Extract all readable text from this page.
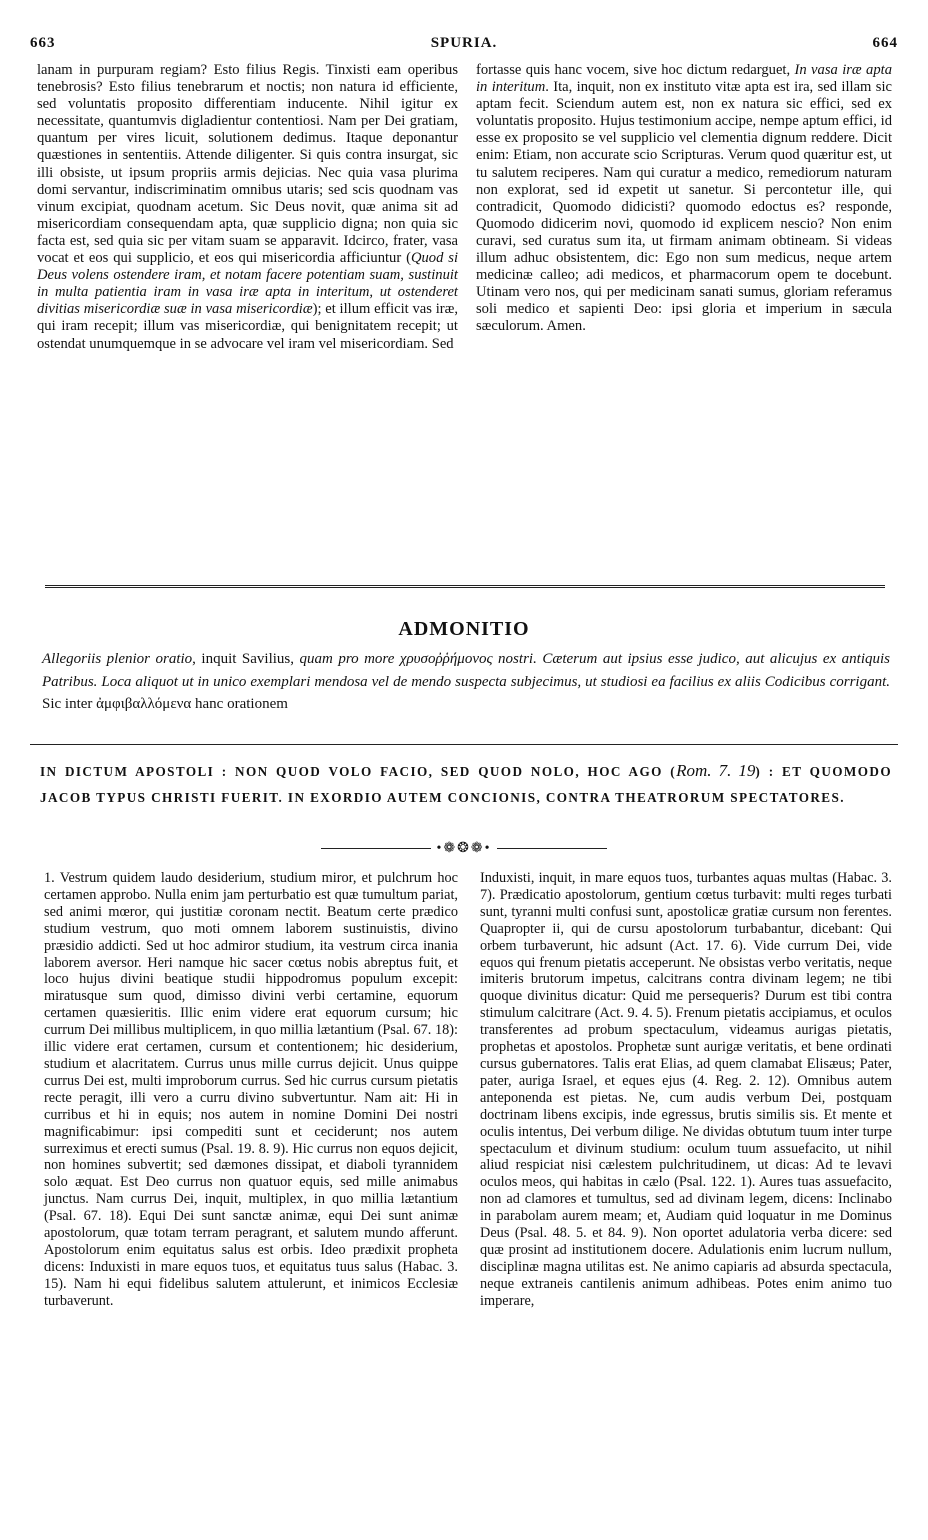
663	SPURIA.	664

lanam in purpuram regiam? Esto filius Regis. Tinxisti eam operibus tenebrosis? Esto filius tenebrarum et noctis; non natura id efficiente, sed voluntatis proposito differentiam inducente. Nihil igitur ex necessitate, quantumvis digladientur contentiosi. Nam per Dei gratiam, quantum per vires licuit, solutionem dedimus. Itaque deponantur quæstiones in sententiis. Attende diligenter. Si quis contra insurgat, sic illi obsiste, ut ipsum propriis armis dejicias. Nec quia vasa plurima domi servantur, indiscriminatim omnibus utaris; sed scis quodnam vas vinum excipiat, quodnam acetum. Sic Deus novit, quæ anima sit ad misericordiam consequendam apta, quæ supplicio digna; non quia sic facta est, sed quia sic per vitam suam se apparavit. Idcirco, frater, vasa vocat et eos qui supplicio, et eos qui misericordia afficiuntur (Quod si Deus volens ostendere iram, et notam facere potentiam suam, sustinuit in multa patientia iram in vasa iræ apta in interitum, ut ostenderet divitias misericordiæ suæ in vasa misericordiæ); et illum efficit vas iræ, qui iram recepit; illum vas misericordiæ, qui benignitatem recepit; ut ostendat unumquemque in se advocare vel iram vel misericordiam. Sed

fortasse quis hanc vocem, sive hoc dictum redarguet, In vasa iræ apta in interitum. Ita, inquit, non ex instituto vitæ apta est ira, sed illam sic aptam fecit. Sciendum autem est, non ex natura sic effici, sed ex voluntatis proposito. Hujus testimonium accipe, nempe aptum effici, id esse ex proposito se vel supplicio vel clementia dignum reddere. Dicit enim: Etiam, non accurate scio Scripturas. Verum quod quæritur est, ut tu salutem reciperes. Nam qui curatur a medico, remediorum naturam non explorat, sed id expetit ut sanetur. Si percontetur ille, qui contradicit, Quomodo didicisti? quomodo edoctus es? responde, Quomodo didicerim novi, quomodo id explicem nescio? Non enim curavi, sed curatus sum ita, ut firmam animam obtineam. Si videas illum adhuc obsistentem, dic: Ego non sum medicus, neque artem medicinæ calleo; adi medicos, et pharmacorum opem te docebunt. Utinam vero nos, qui per medicinam sanati sumus, gloriam referamus soli medico et sapienti Deo: ipsi gloria et imperium in sæcula sæculorum. Amen.

ADMONITIO
Allegoriis plenior oratio, inquit Savilius, quam pro more χρυσοῤῥήμονος nostri. Cæterum aut ipsius esse judico, aut alicujus ex antiquis Patribus. Loca aliquot ut in unico exemplari mendosa vel de mendo suspecta subjecimus, ut studiosi ea facilius ex aliis Codicibus corrigant. Sic inter ἀμφιβαλλόμενα hanc orationem
IN DICTUM APOSTOLI : NON QUOD VOLO FACIO, SED QUOD NOLO, HOC AGO (Rom. 7. 19) : ET QUOMODO JACOB TYPUS CHRISTI FUERIT. IN EXORDIO AUTEM CONCIONIS, CONTRA THEATRORUM SPECTATORES.
•❁❂❁•

1. Vestrum quidem laudo desiderium, studium miror, et pulchrum hoc certamen approbo. Nulla enim jam perturbatio est quæ tumultum pariat, sed animi mœror, qui justitiæ coronam nectit. Beatum certe prædico studium vestrum, quo moti omnem laborem sustinuistis, divino præsidio addicti. Sed ut hoc admiror studium, ita vestrum circa inania laborem aversor. Heri namque hic sacer cœtus nobis abreptus fuit, et loco hujus divini beatique studii hippodromus populum excepit: miratusque sum quod, dimisso divini verbi certamine, equorum certamen quæsieritis. Illic enim videre erat equorum cursum; hic currum Dei millibus multiplicem, in quo millia lætantium (Psal. 67. 18): illic videre erat certamen, cursum et contentionem; hic desiderium, studium et alacritatem. Currus unus mille currus dejicit. Unus quippe currus Dei est, multi improborum currus. Sed hic currus cursum pietatis recte peragit, illi vero a curru divino subvertuntur. Nam ait: Hi in curribus et hi in equis; nos autem in nomine Domini Dei nostri magnificabimur: ipsi compediti sunt et ceciderunt; nos autem surreximus et erecti sumus (Psal. 19. 8. 9). Hic currus non equos dejicit, non homines subvertit; sed dæmones dissipat, et diaboli tyrannidem solo æquat. Est Deo currus non quatuor equis, sed mille animabus junctus. Nam currus Dei, inquit, multiplex, in quo millia lætantium (Psal. 67. 18). Equi Dei sunt sanctæ animæ, equi Dei sunt animæ apostolorum, quæ totam terram peragrant, et salutem mundo afferunt. Apostolorum enim equitatus salus est orbis. Ideo prædixit propheta dicens: Induxisti in mare equos tuos, et equitatus tuus salus (Habac. 3. 15). Nam hi equi fidelibus salutem attulerunt, et inimicos Ecclesiæ turbaverunt.

Induxisti, inquit, in mare equos tuos, turbantes aquas multas (Habac. 3. 7). Prædicatio apostolorum, gentium cœtus turbavit: multi reges turbati sunt, tyranni multi confusi sunt, apostolicæ gratiæ cursum non ferentes. Quapropter ii, qui de cursu apostolorum turbabantur, dicebant: Qui orbem turbaverunt, hic adsunt (Act. 17. 6). Vide currum Dei, vide equos qui frenum pietatis acceperunt. Ne obsistas verbo veritatis, neque imiteris brutorum impetus, calcitrans contra divinam legem; ne tibi quoque divinitus dicatur: Quid me persequeris? Durum est tibi contra stimulum calcitrare (Act. 9. 4. 5). Frenum pietatis accipiamus, et oculos transferentes ad probum spectaculum, videamus aurigas pietatis, prophetas et apostolos. Prophetæ sunt aurigæ veritatis, et bene ordinati cursus gubernatores. Talis erat Elias, ad quem clamabat Elisæus; Pater, pater, auriga Israel, et eques ejus (4. Reg. 2. 12). Omnibus autem anteponenda est pietas. Ne, cum audis verbum Dei, postquam doctrinam libens excipis, inde egressus, brutis similis sis. Et mente et oculis intentus, Dei verbum dilige. Ne dividas obtutum tuum inter turpe spectaculum et divinum studium: oculum tuum assuefacito, ut nihil aliud respiciat nisi cælestem pulchritudinem, ut dicas: Ad te levavi oculos meos, qui habitas in cælo (Psal. 122. 1). Aures tuas assuefacito, non ad clamores et tumultus, sed ad divinam legem, dicens: Inclinabo in parabolam aurem meam; et, Audiam quid loquatur in me Dominus Deus (Psal. 48. 5. et 84. 9). Non oportet adulatoria verba dicere: sed quæ prosint ad institutionem docere. Adulationis enim lucrum nullum, disciplinæ magna utilitas est. Ne animo capiaris ad absurda spectacula, neque extraneis cantilenis animum adhibeas. Potes enim animo tuo imperare,
